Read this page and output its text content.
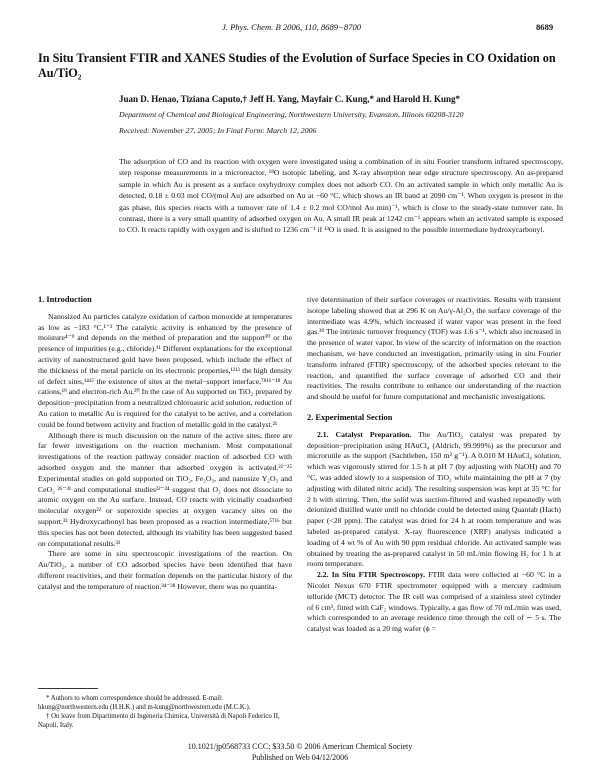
J. Phys. Chem. B 2006, 110, 8689−8700	8689
In Situ Transient FTIR and XANES Studies of the Evolution of Surface Species in CO Oxidation on Au/TiO₂
Juan D. Henao, Tiziana Caputo,† Jeff H. Yang, Mayfair C. Kung,* and Harold H. Kung*
Department of Chemical and Biological Engineering, Northwestern University, Evanston, Illinois 60208-3120
Received: November 27, 2005; In Final Form: March 12, 2006

The adsorption of CO and its reaction with oxygen were investigated using a combination of in situ Fourier transform infrared spectroscopy, step response measurements in a microreactor, ¹⁸O isotopic labeling, and X-ray absorption near edge structure spectroscopy. An as-prepared sample in which Au is present as a surface oxyhydroxy complex does not adsorb CO. On an activated sample in which only metallic Au is detected, 0.18 ± 0.03 mol CO/(mol Au) are adsorbed on Au at −60 °C, which shows an IR band at 2090 cm⁻¹. When oxygen is present in the gas phase, this species reacts with a turnover rate of 1.4 ± 0.2 mol CO/mol Au min)⁻¹, which is close to the steady-state turnover rate. In contrast, there is a very small quantity of adsorbed oxygen on Au. A small IR peak at 1242 cm⁻¹ appears when an activated sample is exposed to CO. It reacts rapidly with oxygen and is shifted to 1236 cm⁻¹ if ¹³O is used. It is assigned to the possible intermediate hydroxycarbonyl.

1. Introduction

Nanosized Au particles catalyze oxidation of carbon monoxide at temperatures as low as −183 °C.¹⁻³ The catalytic activity is enhanced by the presence of moisture⁴⁻⁹ and depends on the method of preparation and the support¹⁰ or the presence of impurities (e.g., chloride).¹¹ Different explanations for the exceptional activity of nanostructured gold have been proposed, which include the effect of the thickness of the metal particle on its electronic properties,¹²¹³ the high density of defect sites,¹⁴¹⁵ the existence of sites at the metal−support interface,⁷⁸¹⁶⁻¹⁸ Au cations,¹⁹ and electron-rich Au.²⁰ In the case of Au supported on TiO₂ prepared by deposition−precipitation from a neutralized chloroauric acid solution, reduction of Au cation to metallic Au is required for the catalyst to be active, and a correlation could be found between activity and fraction of metallic gold in the catalyst.²¹

Although there is much discussion on the nature of the active sites, there are far fewer investigations on the reaction mechanism. Most computational investigations of the reaction pathway consider reaction of adsorbed CO with adsorbed oxygen and the manner that adsorbed oxygen is activated.²²⁻²⁵ Experimental studies on gold supported on TiO₂, Fe₂O₃, and nanosize Y₂O₃ and CeO₂ ²⁶⁻³¹ and computational studies²²⁻²⁴ suggest that O₂ does not dissociate to atomic oxygen on the Au surface. Instead, CO reacts with vicinally coadsorbed molecular oxygen²² or superoxide species at oxygen vacancy sites on the support.³² Hydroxycarbonyl has been proposed as a reaction intermediate,⁵⁷¹⁶ but this species has not been detected, although its viability has been suggested based on computational results.³³

There are some in situ spectroscopic investigations of the reaction. On Au/TiO₂, a number of CO adsorbed species have been identified that have different reactivities, and their formation depends on the particular history of the catalyst and the temperature of reaction.³⁴⁻³⁸ However, there was no quantita-

tive determination of their surface coverages or reactivities. Results with transient isotope labeling showed that at 296 K on Au/γ-Al₂O₃ the surface coverage of the intermediate was 4.9%, which increased if water vapor was present in the feed gas.³⁹ The intrinsic turnover frequency (TOF) was 1.6 s⁻¹, which also increased in the presence of water vapor. In view of the scarcity of information on the reaction mechanism, we have conducted an investigation, primarily using in situ Fourier transform infrared (FTIR) spectroscopy, of the adsorbed species relevant to the reaction, and quantified the surface coverage of adsorbed CO and their reactivities. The results contribute to enhance our understanding of the reaction and should be useful for future computational and mechanistic investigations.

2. Experimental Section

2.1. Catalyst Preparation. The Au/TiO₂ catalyst was prepared by deposition−precipitation using HAuCl₄ (Aldrich, 99.999%) as the precursor and microrutile as the support (Sachtleben, 150 m² g⁻¹). A 0.010 M HAuCl₄ solution, which was vigorously stirred for 1.5 h at pH 7 (by adjusting with NaOH) and 70 °C, was added slowly to a suspension of TiO₂ while maintaining the pH at 7 (by adjusting with diluted nitric acid). The resulting suspension was kept at 35 °C for 2 h with stirring. Then, the solid was suction-filtered and washed repeatedly with deionized distilled water until no chloride could be detected using Quantab (Hach) paper (<28 ppm). The catalyst was dried for 24 h at room temperature and was labeled as-prepared catalyst. X-ray fluorescence (XRF) analysis indicated a loading of 4 wt % of Au with 90 ppm residual chloride. An activated sample was obtained by treating the as-prepared catalyst in 50 mL/min flowing H₂ for 1 h at room temperature.

2.2. In Situ FTIR Spectroscopy. FTIR data were collected at −60 °C in a Nicolet Nexus 670 FTIR spectrometer equipped with a mercury cadmium telluride (MCT) detector. The IR cell was comprised of a stainless steel cylinder of 6 cm³, fitted with CaF₂ windows. Typically, a gas flow of 70 mL/min was used, which corresponded to an average residence time through the cell of ∼ 5 s. The catalyst was loaded as a 20 mg wafer (ϕ =

* Authors to whom correspondence should be addressed. E-mail: hkung@northwestern.edu (H.H.K.) and m-kung@northwestern.edu (M.C.K.).

† On leave from Dipartimento di Ingeneria Chimica, Università di Napoli Federico II, Napoli, Italy.

10.1021/jp0568733 CCC: $33.50 © 2006 American Chemical Society
Published on Web 04/12/2006
